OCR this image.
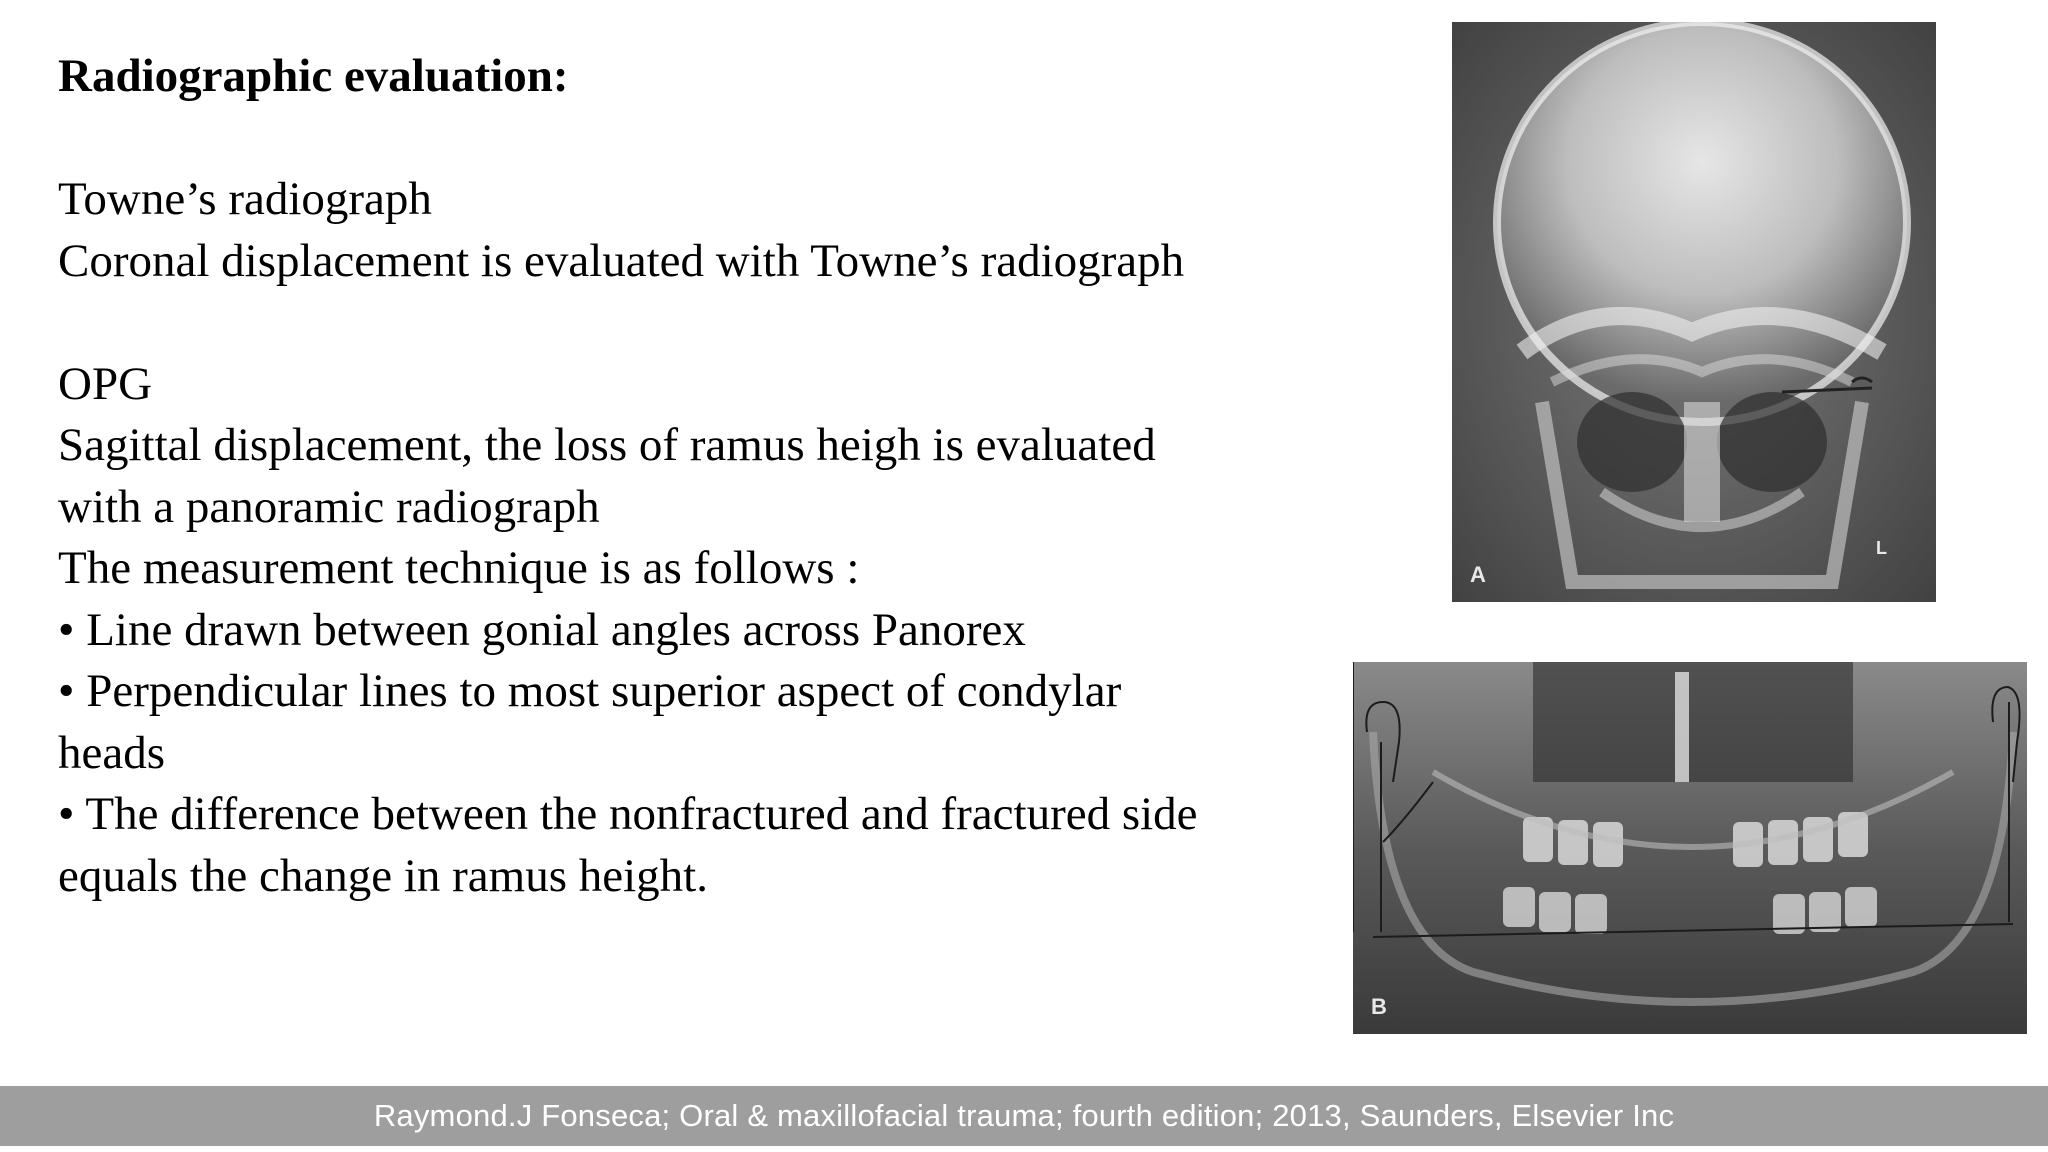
Radiographic evaluation:

Towne’s radiograph

Coronal displacement is evaluated with Towne’s radiograph

OPG

Sagittal displacement, the loss of ramus heigh is evaluated

with a panoramic radiograph

The measurement technique is as follows :

• Line drawn between gonial angles across Panorex

• Perpendicular lines to most superior aspect of condylar

heads

• The difference between the nonfractured and fractured side

equals the change in ramus height.

A
L
B
Raymond.J Fonseca; Oral & maxillofacial trauma; fourth edition; 2013, Saunders, Elsevier Inc
